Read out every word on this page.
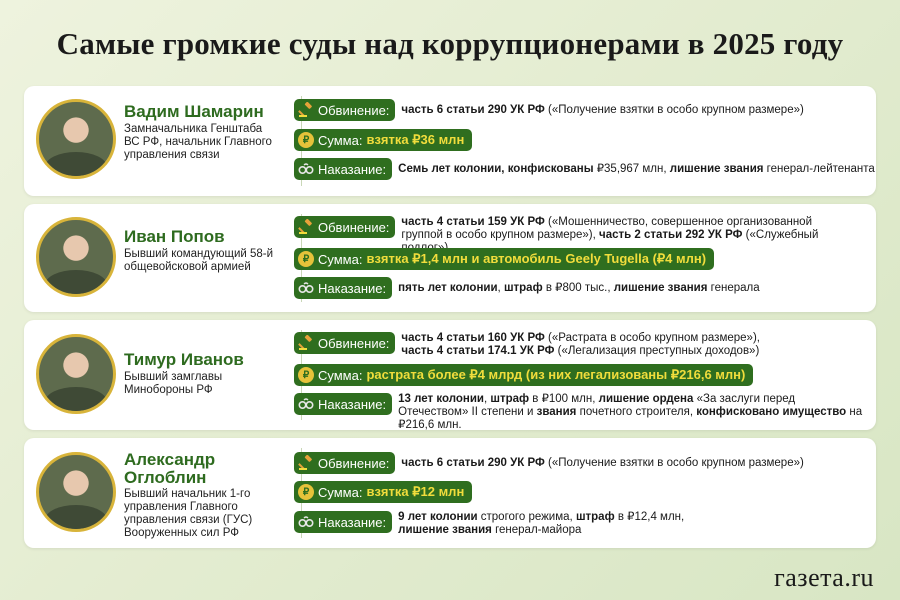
Самые громкие суды над коррупционерами в 2025 году
Вадим Шамарин
Замначальника Генштаба ВС РФ, начальник Главного управления связи
Обвинение: часть 6 статьи 290 УК РФ («Получение взятки в особо крупном размере»)
₽ Сумма: взятка ₽36 млн
Наказание: Семь лет колонии, конфискованы ₽35,967 млн, лишение звания генерал-лейтенанта
Иван Попов
Бывший командующий 58-й общевойсковой армией
Обвинение: часть 4 статьи 159 УК РФ («Мошенничество, совершенное организованной группой в особо крупном размере»), часть 2 статьи 292 УК РФ («Служебный
₽ Сумма: взятка ₽1,4 млн и автомобиль Geely Tugella (₽4 млн)
Наказание: пять лет колонии, штраф в ₽800 тыс., лишение звания генерала
Тимур Иванов
Бывший замглавы Минобороны РФ
Обвинение: часть 4 статьи 160 УК РФ («Растрата в особо крупном размере»),
часть 4 статьи 174.1 УК РФ («Легализация преступных доходов»)
₽ Сумма: растрата более ₽4 млрд (из них легализованы ₽216,6 млн)
Наказание: 13 лет колонии, штраф в ₽100 млн, лишение ордена «За заслуги перед Отечеством» II степени и звания почетного строителя, конфисковано имущество на ₽216,6 млн.
Александр Оглоблин
Бывший начальник 1-го управления Главного управления связи (ГУС) Вооруженных сил РФ
Обвинение: часть 6 статьи 290 УК РФ («Получение взятки в особо крупном размере»)
₽ Сумма: взятка ₽12 млн
Наказание: 9 лет колонии строгого режима, штраф в ₽12,4 млн,
лишение звания генерал-майора
газета.ru
